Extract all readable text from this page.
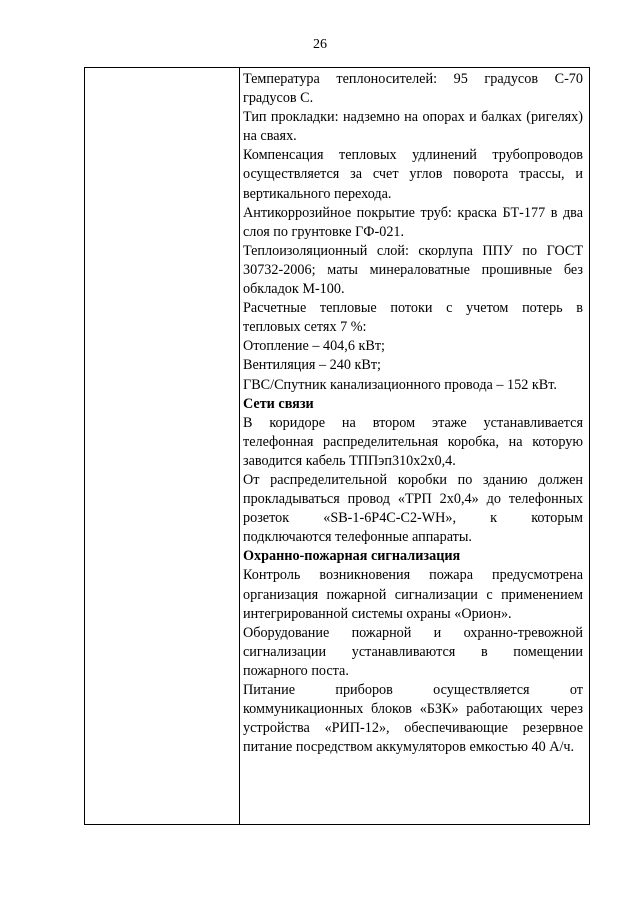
26

Температура теплоносителей: 95 градусов С-70 градусов С.

Тип прокладки: надземно на опорах и балках (ригелях) на сваях.

Компенсация тепловых удлинений трубопроводов осуществляется за счет углов поворота трассы, и вертикального перехода.

Антикоррозийное покрытие труб: краска БТ-177 в два слоя по грунтовке ГФ-021.

Теплоизоляционный слой: скорлупа ППУ по ГОСТ 30732-2006; маты минераловатные прошивные без обкладок М-100.

Расчетные тепловые потоки с учетом потерь в тепловых сетях 7 %:

Отопление – 404,6 кВт;

Вентиляция – 240 кВт;

ГВС/Спутник канализационного провода – 152 кВт.

Сети связи

В коридоре на втором этаже устанавливается телефонная распределительная коробка, на которую заводится кабель ТППэп310х2х0,4.

От распределительной коробки по зданию должен прокладываться провод «ТРП 2х0,4» до телефонных розеток «SB-1-6P4C-C2-WH», к которым подключаются телефонные аппараты.

Охранно-пожарная сигнализация

Контроль возникновения пожара предусмотрена организация пожарной сигнализации с применением интегрированной системы охраны «Орион».

Оборудование пожарной и охранно-тревожной сигнализации устанавливаются в помещении пожарного поста.

Питание приборов осуществляется от коммуникационных блоков «БЗК» работающих через устройства «РИП-12», обеспечивающие резервное питание посредством аккумуляторов емкостью 40 А/ч.
